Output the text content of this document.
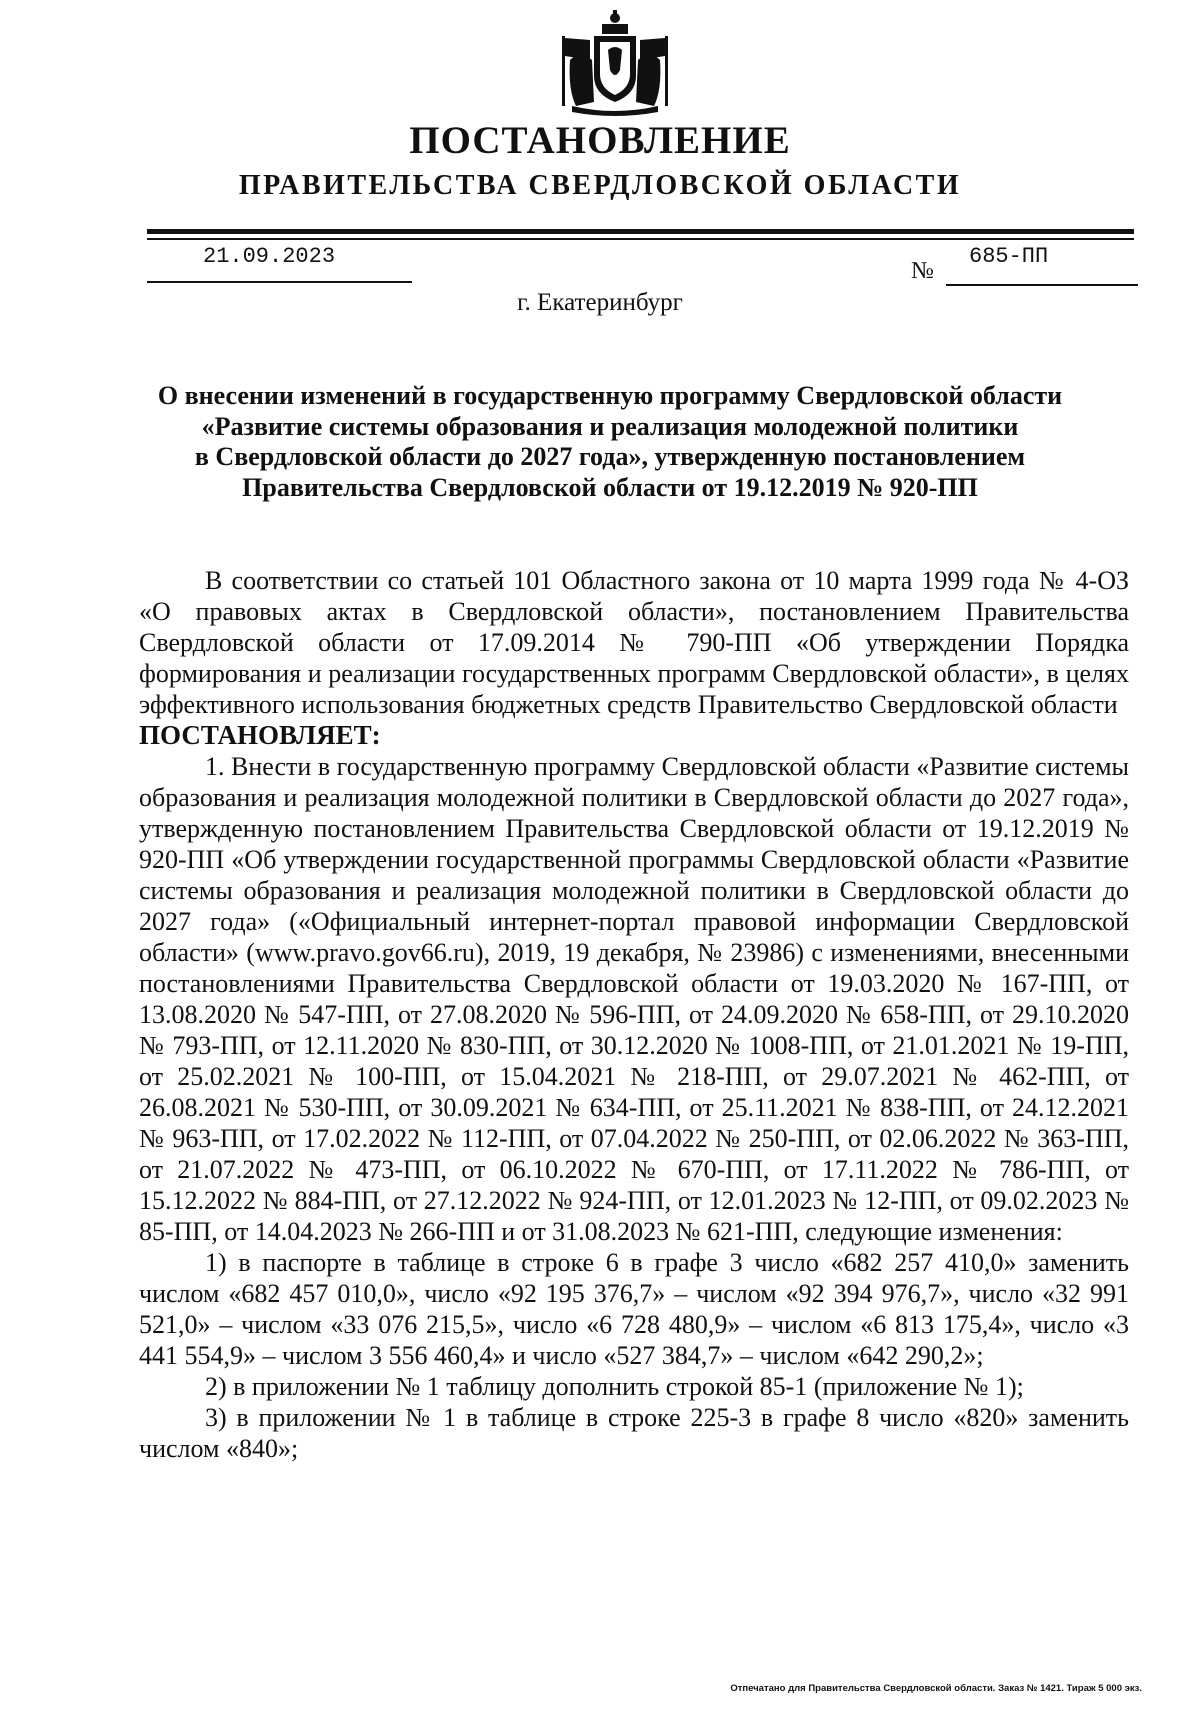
ПОСТАНОВЛЕНИЕ
ПРАВИТЕЛЬСТВА СВЕРДЛОВСКОЙ ОБЛАСТИ
21.09.2023
№
685-ПП
г. Екатеринбург
О внесении изменений в государственную программу Свердловской области
«Развитие системы образования и реализация молодежной политики
в Свердловской области до 2027 года», утвержденную постановлением
Правительства Свердловской области от 19.12.2019 № 920-ПП

В соответствии со статьей 101 Областного закона от 10 марта 1999 года № 4-ОЗ «О правовых актах в Свердловской области», постановлением Правительства Свердловской области от 17.09.2014 № 790-ПП «Об утверждении Порядка формирования и реализации государственных программ Свердловской области», в целях эффективного использования бюджетных средств Правительство Свердловской области

ПОСТАНОВЛЯЕТ:

1. Внести в государственную программу Свердловской области «Развитие системы образования и реализация молодежной политики в Свердловской области до 2027 года», утвержденную постановлением Правительства Свердловской области от 19.12.2019 № 920-ПП «Об утверждении государственной программы Свердловской области «Развитие системы образования и реализация молодежной политики в Свердловской области до 2027 года» («Официальный интернет-портал правовой информации Свердловской области» (www.pravo.gov66.ru), 2019, 19 декабря, № 23986) с изменениями, внесенными постановлениями Правительства Свердловской области от 19.03.2020 № 167-ПП, от 13.08.2020 № 547-ПП, от 27.08.2020 № 596-ПП, от 24.09.2020 № 658-ПП, от 29.10.2020 № 793-ПП, от 12.11.2020 № 830-ПП, от 30.12.2020 № 1008-ПП, от 21.01.2021 № 19-ПП, от 25.02.2021 № 100-ПП, от 15.04.2021 № 218-ПП, от 29.07.2021 № 462-ПП, от 26.08.2021 № 530-ПП, от 30.09.2021 № 634-ПП, от 25.11.2021 № 838-ПП, от 24.12.2021 № 963-ПП, от 17.02.2022 № 112-ПП, от 07.04.2022 № 250-ПП, от 02.06.2022 № 363-ПП, от 21.07.2022 № 473-ПП, от 06.10.2022 № 670-ПП, от 17.11.2022 № 786-ПП, от 15.12.2022 № 884-ПП, от 27.12.2022 № 924-ПП, от 12.01.2023 № 12-ПП, от 09.02.2023 № 85-ПП, от 14.04.2023 № 266-ПП и от 31.08.2023 № 621-ПП, следующие изменения:

1) в паспорте в таблице в строке 6 в графе 3 число «682 257 410,0» заменить числом «682 457 010,0», число «92 195 376,7» – числом «92 394 976,7», число «32 991 521,0» – числом «33 076 215,5», число «6 728 480,9» – числом «6 813 175,4», число «3 441 554,9» – числом 3 556 460,4» и число «527 384,7» – числом «642 290,2»;

2) в приложении № 1 таблицу дополнить строкой 85-1 (приложение № 1);

3) в приложении № 1 в таблице в строке 225-3 в графе 8 число «820» заменить числом «840»;

Отпечатано для Правительства Свердловской области. Заказ № 1421. Тираж 5 000 экз.
